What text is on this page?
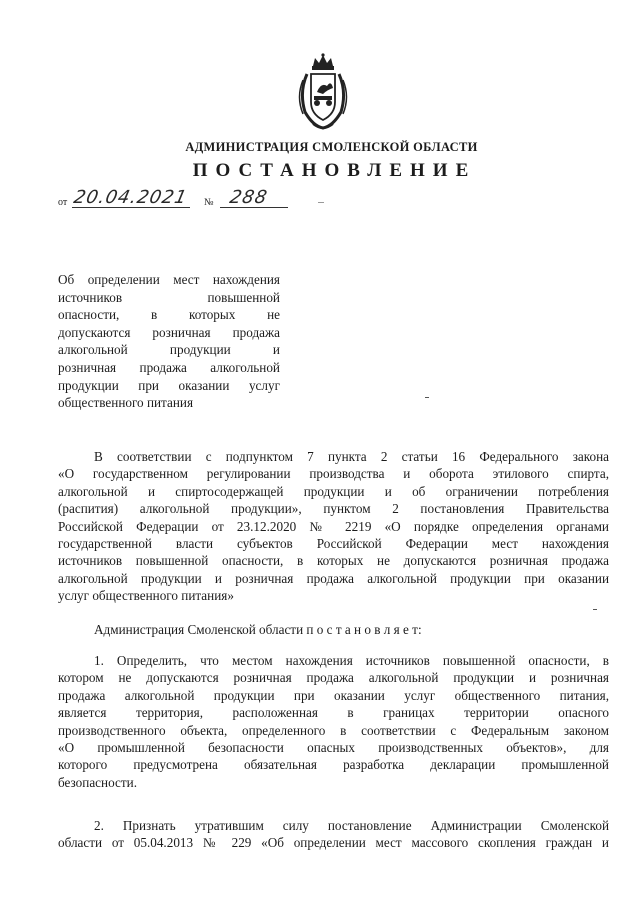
АДМИНИСТРАЦИЯ СМОЛЕНСКОЙ ОБЛАСТИ
ПОСТАНОВЛЕНИЕ
от 20.04.2021 № 288
Об определении мест нахождения
источников повышенной
опасности, в которых не
допускаются розничная продажа
алкогольной продукции и
розничная продажа алкогольной
продукции при оказании услуг
общественного питания
В соответствии с подпунктом 7 пункта 2 статьи 16 Федерального закона
«О государственном регулировании производства и оборота этилового спирта,
алкогольной и спиртосодержащей продукции и об ограничении потребления
(распития) алкогольной продукции», пунктом 2 постановления Правительства
Российской Федерации от 23.12.2020 № 2219 «О порядке определения органами
государственной власти субъектов Российской Федерации мест нахождения
источников повышенной опасности, в которых не допускаются розничная продажа
алкогольной продукции и розничная продажа алкогольной продукции при оказании
услуг общественного питания»
Администрация Смоленской области п о с т а н о в л я е т:
1. Определить, что местом нахождения источников повышенной опасности, в
котором не допускаются розничная продажа алкогольной продукции и розничная
продажа алкогольной продукции при оказании услуг общественного питания,
является территория, расположенная в границах территории опасного
производственного объекта, определенного в соответствии с Федеральным законом
«О промышленной безопасности опасных производственных объектов», для
которого предусмотрена обязательная разработка декларации промышленной
безопасности.
2. Признать утратившим силу постановление Администрации Смоленской
области от 05.04.2013 № 229 «Об определении мест массового скопления граждан и
